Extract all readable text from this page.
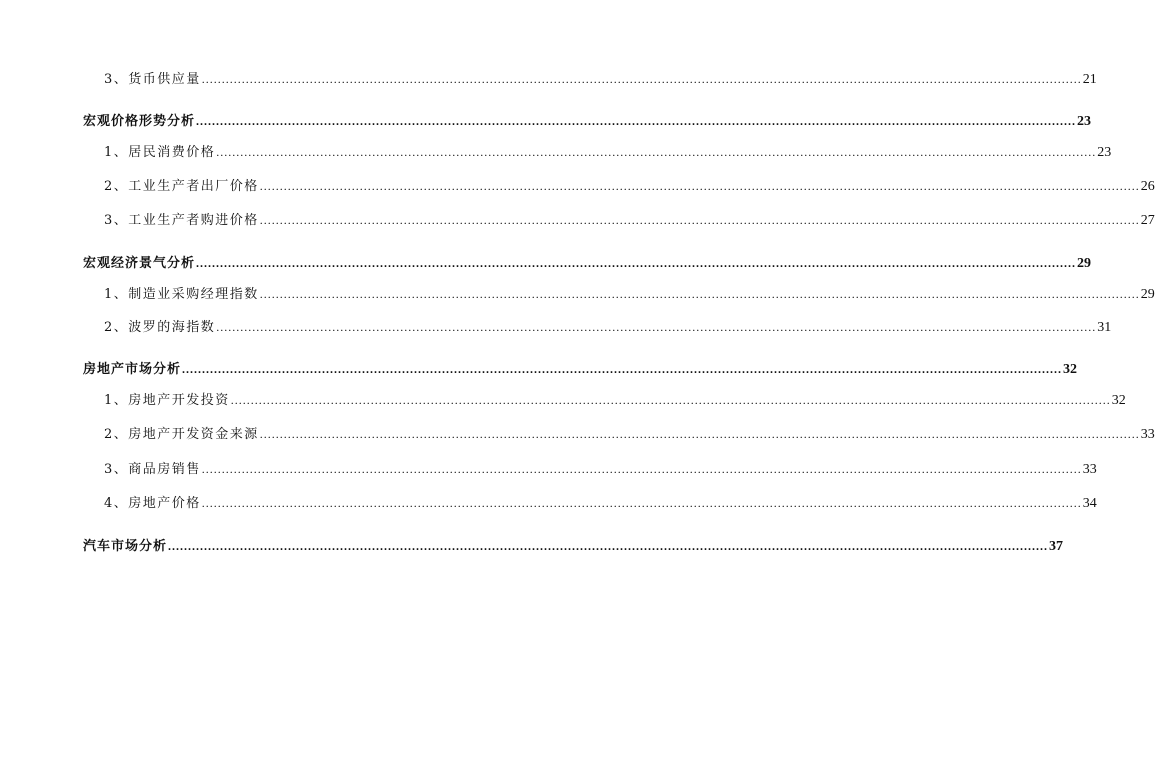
3、货币供应量 ............................................................................................................................................................................................................................ 21
宏观价格形势分析 ............................................................................................................................................................................................................................ 23
1、居民消费价格 ............................................................................................................................................................................................................................ 23
2、工业生产者出厂价格 ............................................................................................................................................................................................................................ 26
3、工业生产者购进价格 ............................................................................................................................................................................................................................ 27
宏观经济景气分析 ............................................................................................................................................................................................................................ 29
1、制造业采购经理指数 ............................................................................................................................................................................................................................ 29
2、波罗的海指数 ............................................................................................................................................................................................................................ 31
房地产市场分析 ............................................................................................................................................................................................................................ 32
1、房地产开发投资 ............................................................................................................................................................................................................................ 32
2、房地产开发资金来源 ............................................................................................................................................................................................................................ 33
3、商品房销售 ............................................................................................................................................................................................................................ 33
4、房地产价格 ............................................................................................................................................................................................................................ 34
汽车市场分析 ............................................................................................................................................................................................................................ 37
